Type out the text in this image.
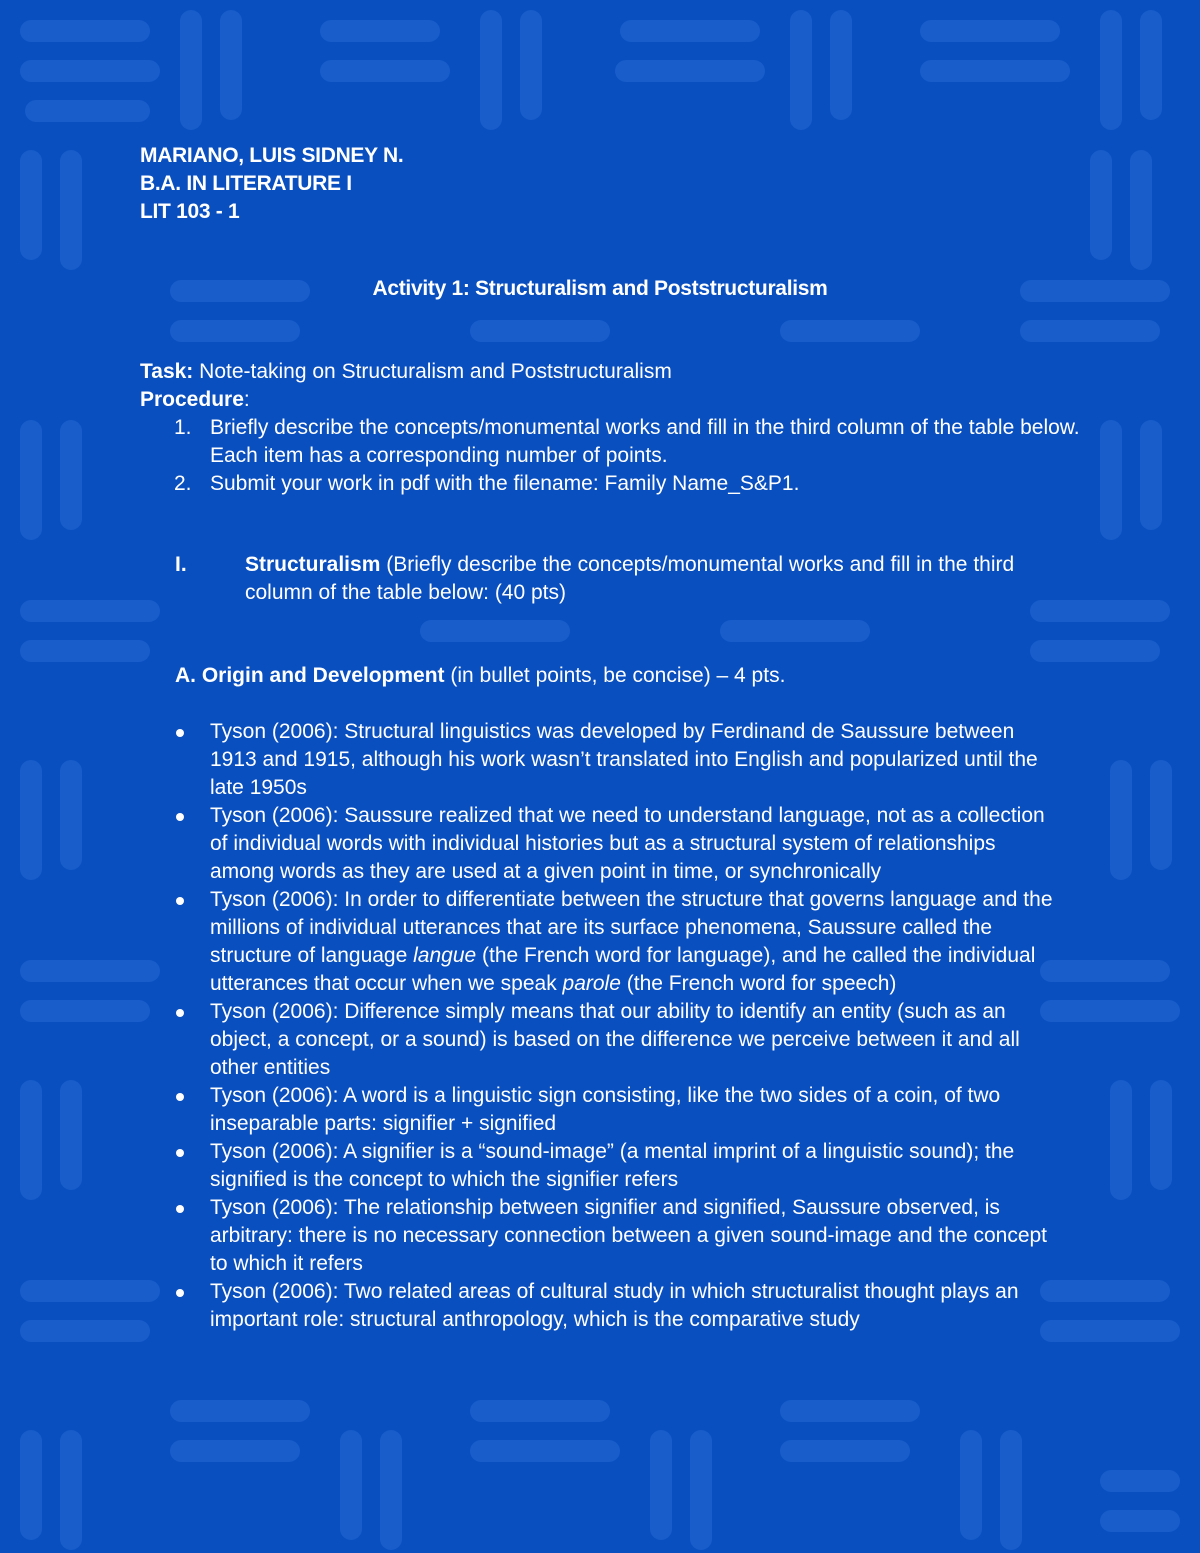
MARIANO, LUIS SIDNEY N.
B.A. IN LITERATURE I
LIT 103 - 1
Activity 1: Structuralism and Poststructuralism
Task: Note-taking on Structuralism and Poststructuralism
Procedure:
1. Briefly describe the concepts/monumental works and fill in the third column of the table below. Each item has a corresponding number of points.
2. Submit your work in pdf with the filename: Family Name_S&P1.
I.	Structuralism (Briefly describe the concepts/monumental works and fill in the third column of the table below: (40 pts)
A. Origin and Development (in bullet points, be concise) – 4 pts.
Tyson (2006): Structural linguistics was developed by Ferdinand de Saussure between 1913 and 1915, although his work wasn’t translated into English and popularized until the late 1950s
Tyson (2006): Saussure realized that we need to understand language, not as a collection of individual words with individual histories but as a structural system of relationships among words as they are used at a given point in time, or synchronically
Tyson (2006): In order to differentiate between the structure that governs language and the millions of individual utterances that are its surface phenomena, Saussure called the structure of language langue (the French word for language), and he called the individual utterances that occur when we speak parole (the French word for speech)
Tyson (2006): Difference simply means that our ability to identify an entity (such as an object, a concept, or a sound) is based on the difference we perceive between it and all other entities
Tyson (2006): A word is a linguistic sign consisting, like the two sides of a coin, of two inseparable parts: signifier + signified
Tyson (2006): A signifier is a “sound-image” (a mental imprint of a linguistic sound); the signified is the concept to which the signifier refers
Tyson (2006): The relationship between signifier and signified, Saussure observed, is arbitrary: there is no necessary connection between a given sound-image and the concept to which it refers
Tyson (2006): Two related areas of cultural study in which structuralist thought plays an important role: structural anthropology, which is the comparative study
